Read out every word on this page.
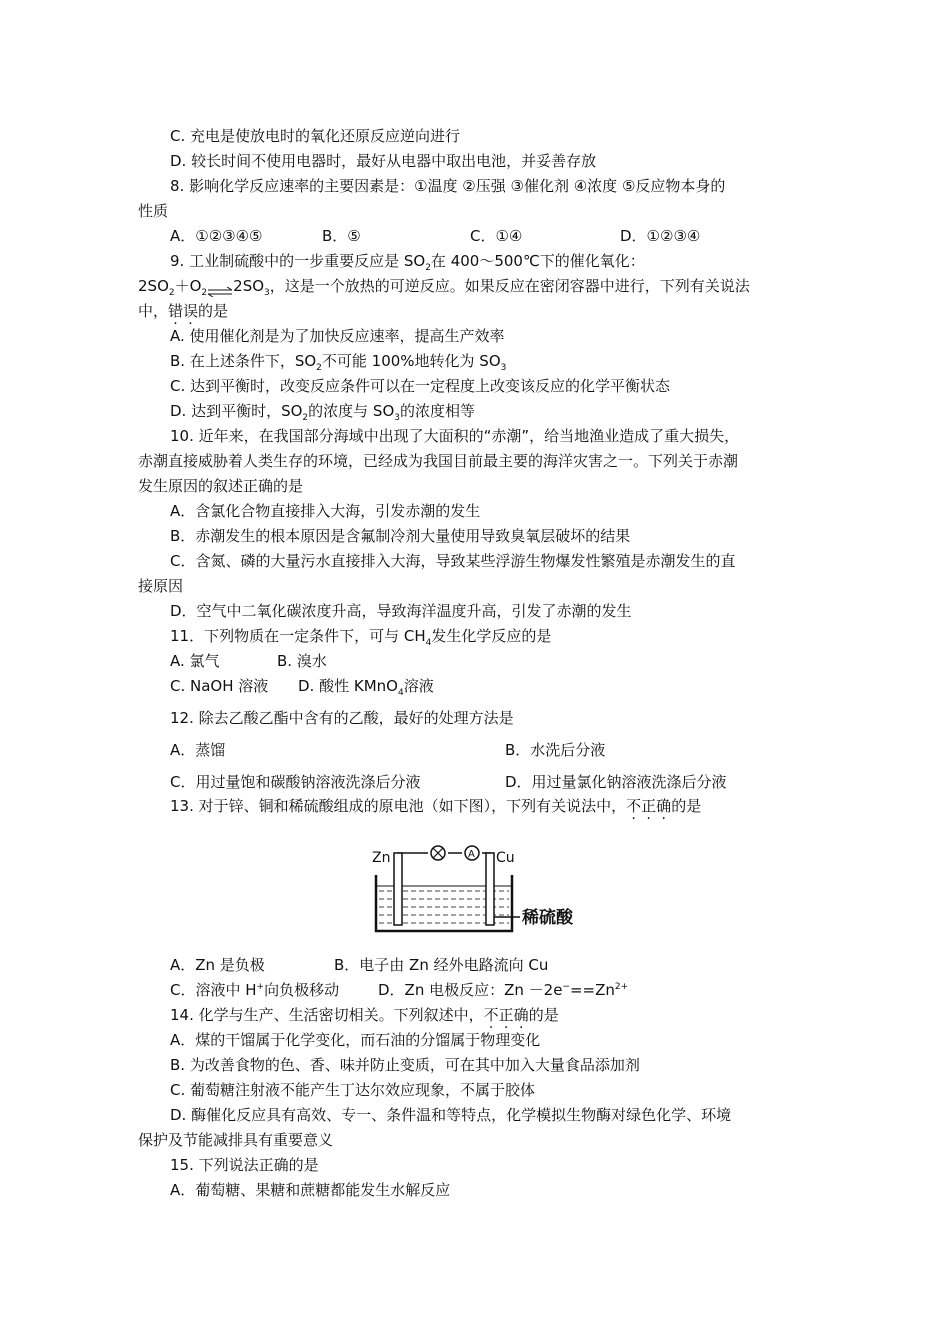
C. 充电是使放电时的氧化还原反应逆向进行
D. 较长时间不使用电器时，最好从电器中取出电池，并妥善存放
8. 影响化学反应速率的主要因素是：①温度 ②压强 ③催化剂 ④浓度 ⑤反应物本身的
性质
A．①②③④⑤	B．⑤	C．①④	D．①②③④
9. 工业制硫酸中的一步重要反应是 $SO_2$在 400～500℃下的催化氧化：
$2SO_2+O_2$ $\rightleftharpoons 2SO_3$，这是一个放热的可逆反应。如果反应在密闭容器中进行，下列有关说法
中，错误的是
A. 使用催化剂是为了加快反应速率，提高生产效率
B. 在上述条件下，$SO_2$不可能 100%地转化为 $SO_3$
C. 达到平衡时，改变反应条件可以在一定程度上改变该反应的化学平衡状态
D. 达到平衡时，$SO_2$的浓度与 $SO_3$的浓度相等
10. 近年来，在我国部分海域中出现了大面积的“赤潮”，给当地渔业造成了重大损失，
赤潮直接威胁着人类生存的环境，已经成为我国目前最主要的海洋灾害之一。下列关于赤潮
发生原因的叙述正确的是
A．含氯化合物直接排入大海，引发赤潮的发生
B．赤潮发生的根本原因是含氟制冷剂大量使用导致臭氧层破坏的结果
C．含氮、磷的大量污水直接排入大海，导致某些浮游生物爆发性繁殖是赤潮发生的直
接原因
D．空气中二氧化碳浓度升高，导致海洋温度升高，引发了赤潮的发生
11．下列物质在一定条件下，可与 $CH_4$发生化学反应的是
A. 氯气	B. 溴水
C. NaOH 溶液 D. 酸性 KMnO$_4$溶液
12. 除去乙酸乙酯中含有的乙酸，最好的处理方法是
A．蒸馏	B．水洗后分液
C．用过量饱和碳酸钠溶液洗涤后分液	D．用过量氯化钠溶液洗涤后分液
13. 对于锌、铜和稀硫酸组成的原电池（如下图），下列有关说法中，不正确的是
A
Zn	Cu
稀硫酸
A．Zn 是负极	B．电子由 Zn 经外电路流向 Cu
C．溶液中 H+向负极移动	D．Zn 电极反应：$Zn -2e^-==Zn^{2+}$
14. 化学与生产、生活密切相关。下列叙述中，不正确的是
A．煤的干馏属于化学变化，而石油的分馏属于物理变化
B. 为改善食物的色、香、味并防止变质，可在其中加入大量食品添加剂
C. 葡萄糖注射液不能产生丁达尔效应现象，不属于胶体
D. 酶催化反应具有高效、专一、条件温和等特点，化学模拟生物酶对绿色化学、环境
保护及节能减排具有重要意义
15. 下列说法正确的是
A．葡萄糖、果糖和蔗糖都能发生水解反应
